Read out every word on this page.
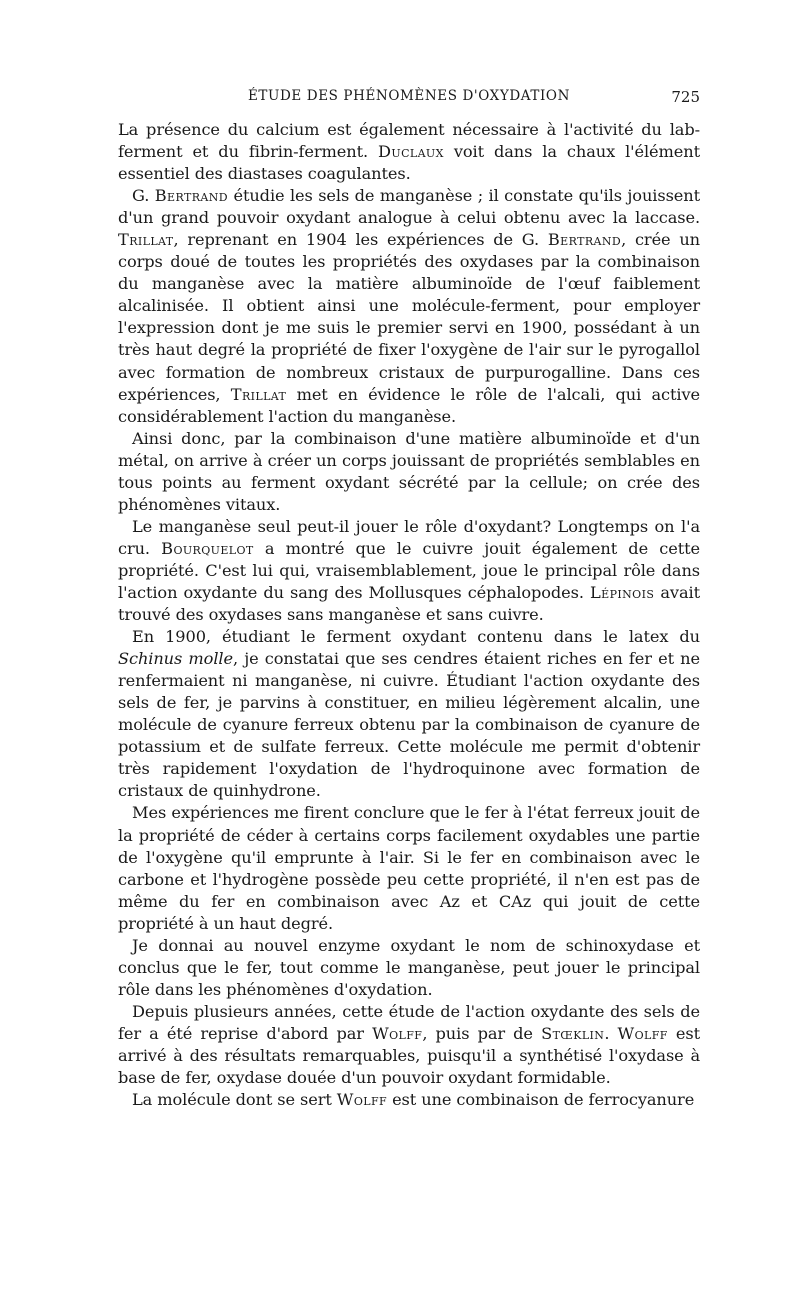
ÉTUDE DES PHÉNOMÈNES D'OXYDATION	725

La présence du calcium est également nécessaire à l'activité du lab-ferment et du fibrin-ferment. Duclaux voit dans la chaux l'élément essentiel des diastases coagulantes.

G. Bertrand étudie les sels de manganèse ; il constate qu'ils jouissent d'un grand pouvoir oxydant analogue à celui obtenu avec la laccase. Trillat, reprenant en 1904 les expériences de G. Bertrand, crée un corps doué de toutes les propriétés des oxydases par la combinaison du manganèse avec la matière albuminoïde de l'œuf faiblement alcalinisée. Il obtient ainsi une molécule-ferment, pour employer l'expression dont je me suis le premier servi en 1900, possédant à un très haut degré la propriété de fixer l'oxygène de l'air sur le pyrogallol avec formation de nombreux cristaux de purpurogalline. Dans ces expériences, Trillat met en évidence le rôle de l'alcali, qui active considérablement l'action du manganèse.

Ainsi donc, par la combinaison d'une matière albuminoïde et d'un métal, on arrive à créer un corps jouissant de propriétés semblables en tous points au ferment oxydant sécrété par la cellule; on crée des phénomènes vitaux.

Le manganèse seul peut-il jouer le rôle d'oxydant? Longtemps on l'a cru. Bourquelot a montré que le cuivre jouit également de cette propriété. C'est lui qui, vraisemblablement, joue le principal rôle dans l'action oxydante du sang des Mollusques céphalopodes. Lépinois avait trouvé des oxydases sans manganèse et sans cuivre.

En 1900, étudiant le ferment oxydant contenu dans le latex du Schinus molle, je constatai que ses cendres étaient riches en fer et ne renfermaient ni manganèse, ni cuivre. Étudiant l'action oxydante des sels de fer, je parvins à constituer, en milieu légèrement alcalin, une molécule de cyanure ferreux obtenu par la combinaison de cyanure de potassium et de sulfate ferreux. Cette molécule me permit d'obtenir très rapidement l'oxydation de l'hydroquinone avec formation de cristaux de quinhydrone.

Mes expériences me firent conclure que le fer à l'état ferreux jouit de la propriété de céder à certains corps facilement oxydables une partie de l'oxygène qu'il emprunte à l'air. Si le fer en combinaison avec le carbone et l'hydrogène possède peu cette propriété, il n'en est pas de même du fer en combinaison avec Az et CAz qui jouit de cette propriété à un haut degré.

Je donnai au nouvel enzyme oxydant le nom de schinoxydase et conclus que le fer, tout comme le manganèse, peut jouer le principal rôle dans les phénomènes d'oxydation.

Depuis plusieurs années, cette étude de l'action oxydante des sels de fer a été reprise d'abord par Wolff, puis par de Stœklin. Wolff est arrivé à des résultats remarquables, puisqu'il a synthétisé l'oxydase à base de fer, oxydase douée d'un pouvoir oxydant formidable.

La molécule dont se sert Wolff est une combinaison de ferrocyanure
